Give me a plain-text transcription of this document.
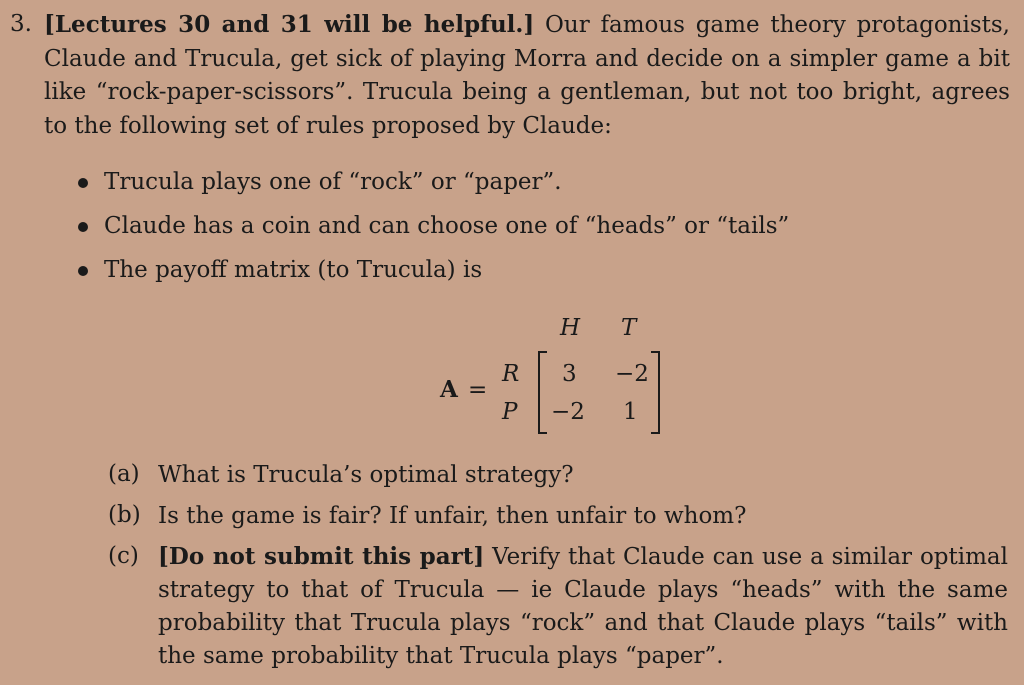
3. [Lectures 30 and 31 will be helpful.] Our famous game theory protagonists, Claude and Trucula, get sick of playing Morra and decide on a simpler game a bit like “rock-paper-scissors”. Trucula being a gentleman, but not too bright, agrees to the following set of rules proposed by Claude:
Trucula plays one of “rock” or “paper”.
Claude has a coin and can choose one of “heads” or “tails”
The payoff matrix (to Trucula) is
A =
H T
R
P
3 −2
−2 1
(a) What is Trucula’s optimal strategy?
(b) Is the game is fair? If unfair, then unfair to whom?
(c) [Do not submit this part] Verify that Claude can use a similar optimal strategy to that of Trucula — ie Claude plays “heads” with the same probability that Trucula plays “rock” and that Claude plays “tails” with the same probability that Trucula plays “paper”.
